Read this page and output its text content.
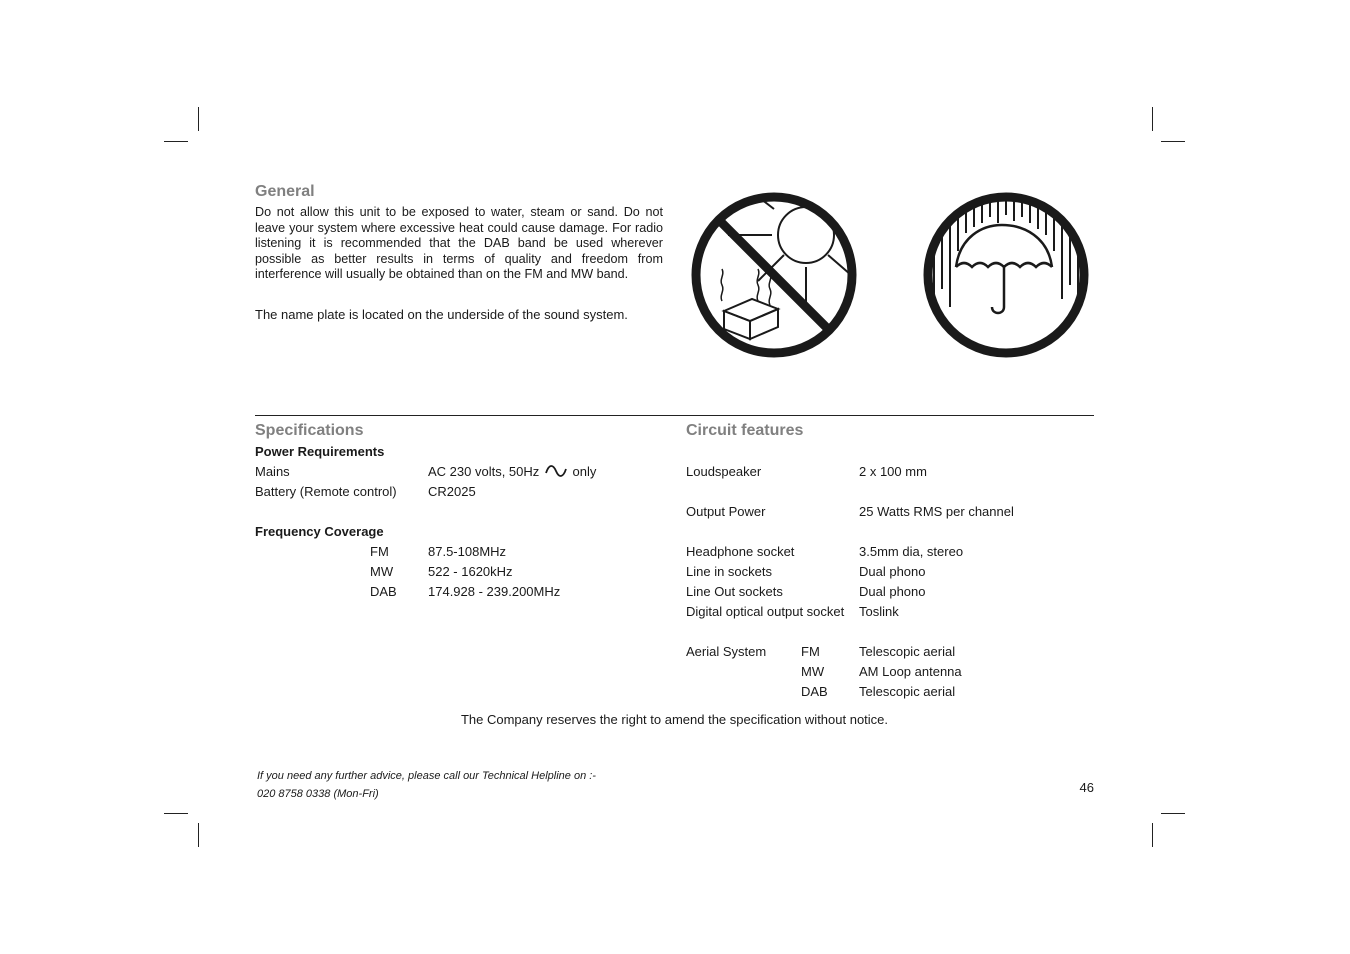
General
Do not allow this unit to be exposed to water, steam or sand. Do not leave your system where excessive heat could cause damage. For radio listening it is recommended that the DAB band be used wherever possible as better results in terms of quality and freedom from interference will usually be obtained than on the FM and MW band.
The name plate is located on the underside of the sound system.
Specifications
Power Requirements
Mains	AC 230 volts, 50Hz	only
Battery (Remote control) CR2025
Frequency Coverage
FM	87.5-108MHz
MW	522 - 1620kHz
DAB 174.928 - 239.200MHz
Circuit features
Loudspeaker	2 x 100 mm
Output Power	25 Watts RMS per channel
Headphone socket	3.5mm dia, stereo
Line in sockets	Dual phono
Line Out sockets	Dual phono
Digital optical output socket Toslink
Aerial System	FM	Telescopic aerial
MW	AM Loop antenna
DAB Telescopic aerial
The Company reserves the right to amend the specification without notice.
If you need any further advice, please call our Technical Helpline on :-
020 8758 0338 (Mon-Fri)	46
